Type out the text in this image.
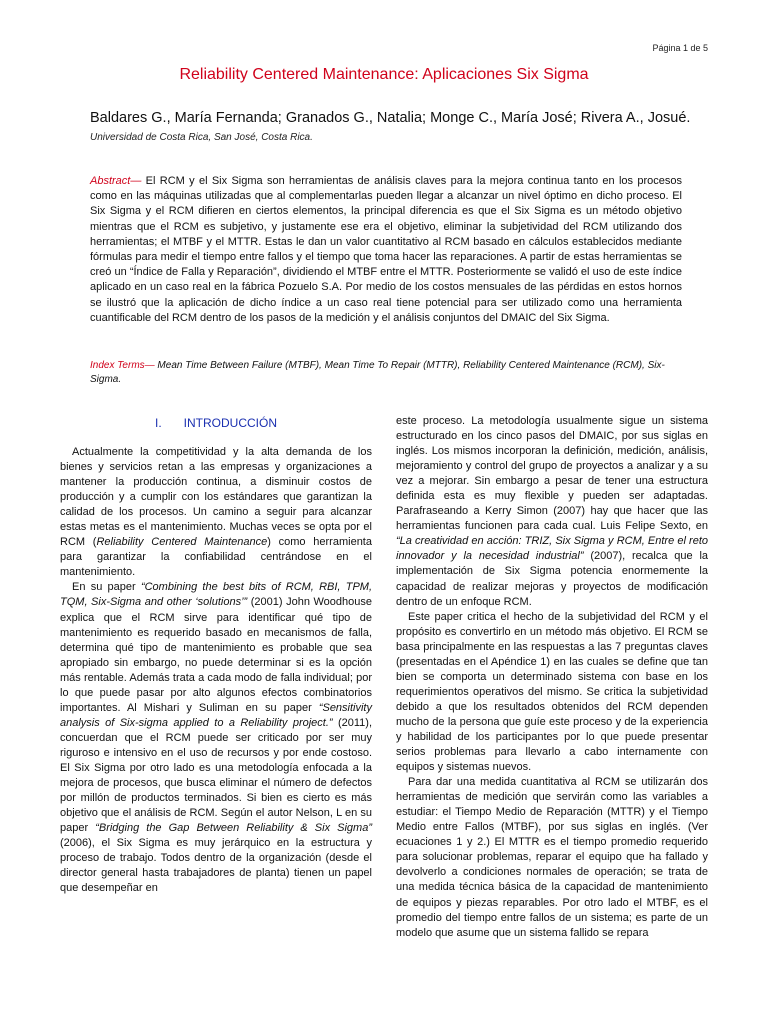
Página 1 de 5
Reliability Centered Maintenance: Aplicaciones Six Sigma
Baldares G., María Fernanda; Granados G., Natalia; Monge C., María José; Rivera A., Josué.
Universidad de Costa Rica, San José, Costa Rica.
Abstract— El RCM y el Six Sigma son herramientas de análisis claves para la mejora continua tanto en los procesos como en las máquinas utilizadas que al complementarlas pueden llegar a alcanzar un nivel óptimo en dicho proceso. El Six Sigma y el RCM difieren en ciertos elementos, la principal diferencia es que el Six Sigma es un método objetivo mientras que el RCM es subjetivo, y justamente ese era el objetivo, eliminar la subjetividad del RCM utilizando dos herramientas; el MTBF y el MTTR. Estas le dan un valor cuantitativo al RCM basado en cálculos establecidos mediante fórmulas para medir el tiempo entre fallos y el tiempo que toma hacer las reparaciones. A partir de estas herramientas se creó un “Índice de Falla y Reparación”, dividiendo el MTBF entre el MTTR. Posteriormente se validó el uso de este índice aplicado en un caso real en la fábrica Pozuelo S.A. Por medio de los costos mensuales de las pérdidas en estos hornos se ilustró que la aplicación de dicho índice a un caso real tiene potencial para ser utilizado como una herramienta cuantificable del RCM dentro de los pasos de la medición y el análisis conjuntos del DMAIC del Six Sigma.
Index Terms— Mean Time Between Failure (MTBF), Mean Time To Repair (MTTR), Reliability Centered Maintenance (RCM), Six-Sigma.
I. INTRODUCCIÓN

Actualmente la competitividad y la alta demanda de los bienes y servicios retan a las empresas y organizaciones a mantener la producción continua, a disminuir costos de producción y a cumplir con los estándares que garantizan la calidad de los procesos. Un camino a seguir para alcanzar estas metas es el mantenimiento. Muchas veces se opta por el RCM (Reliability Centered Maintenance) como herramienta para garantizar la confiabilidad centrándose en el mantenimiento.

En su paper “Combining the best bits of RCM, RBI, TPM, TQM, Six-Sigma and other ‘solutions’” (2001) John Woodhouse explica que el RCM sirve para identificar qué tipo de mantenimiento es requerido basado en mecanismos de falla, determina qué tipo de mantenimiento es probable que sea apropiado sin embargo, no puede determinar si es la opción más rentable. Además trata a cada modo de falla individual; por lo que puede pasar por alto algunos efectos combinatorios importantes. Al Mishari y Suliman en su paper “Sensitivity analysis of Six-sigma applied to a Reliability project.” (2011), concuerdan que el RCM puede ser criticado por ser muy riguroso e intensivo en el uso de recursos y por ende costoso. El Six Sigma por otro lado es una metodología enfocada a la mejora de procesos, que busca eliminar el número de defectos por millón de productos terminados. Si bien es cierto es más objetivo que el análisis de RCM. Según el autor Nelson, L en su paper “Bridging the Gap Between Reliability & Six Sigma” (2006), el Six Sigma es muy jerárquico en la estructura y proceso de trabajo. Todos dentro de la organización (desde el director general hasta trabajadores de planta) tienen un papel que desempeñar en

este proceso. La metodología usualmente sigue un sistema estructurado en los cinco pasos del DMAIC, por sus siglas en inglés. Los mismos incorporan la definición, medición, análisis, mejoramiento y control del grupo de proyectos a analizar y a su vez a mejorar. Sin embargo a pesar de tener una estructura definida esta es muy flexible y pueden ser adaptadas. Parafraseando a Kerry Simon (2007) hay que hacer que las herramientas funcionen para cada cual. Luis Felipe Sexto, en “La creatividad en acción: TRIZ, Six Sigma y RCM, Entre el reto innovador y la necesidad industrial” (2007), recalca que la implementación de Six Sigma potencia enormemente la capacidad de realizar mejoras y proyectos de modificación dentro de un enfoque RCM.

Este paper critica el hecho de la subjetividad del RCM y el propósito es convertirlo en un método más objetivo. El RCM se basa principalmente en las respuestas a las 7 preguntas claves (presentadas en el Apéndice 1) en las cuales se define que tan bien se comporta un determinado sistema con base en los requerimientos operativos del mismo. Se critica la subjetividad debido a que los resultados obtenidos del RCM dependen mucho de la persona que guíe este proceso y de la experiencia y habilidad de los participantes por lo que puede presentar serios problemas para llevarlo a cabo internamente con equipos y sistemas nuevos.

Para dar una medida cuantitativa al RCM se utilizarán dos herramientas de medición que servirán como las variables a estudiar: el Tiempo Medio de Reparación (MTTR) y el Tiempo Medio entre Fallos (MTBF), por sus siglas en inglés. (Ver ecuaciones 1 y 2.) El MTTR es el tiempo promedio requerido para solucionar problemas, reparar el equipo que ha fallado y devolverlo a condiciones normales de operación; se trata de una medida técnica básica de la capacidad de mantenimiento de equipos y piezas reparables. Por otro lado el MTBF, es el promedio del tiempo entre fallos de un sistema; es parte de un modelo que asume que un sistema fallido se repara
